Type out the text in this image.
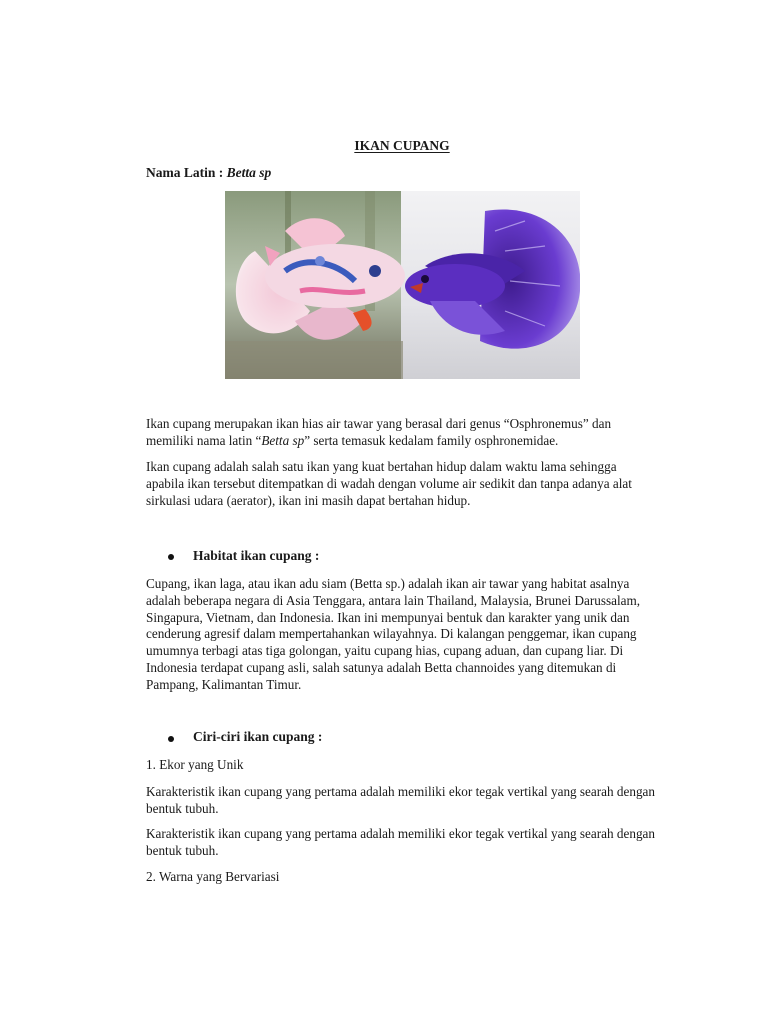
IKAN CUPANG
Nama Latin : Betta sp

Ikan cupang merupakan ikan hias air tawar yang berasal dari genus “Osphronemus” dan memiliki nama latin “Betta sp” serta temasuk kedalam family osphronemidae.

Ikan cupang adalah salah satu ikan yang kuat bertahan hidup dalam waktu lama sehingga apabila ikan tersebut ditempatkan di wadah dengan volume air sedikit dan tanpa adanya alat sirkulasi udara (aerator), ikan ini masih dapat bertahan hidup.

Habitat ikan cupang :

Cupang, ikan laga, atau ikan adu siam (Betta sp.) adalah ikan air tawar yang habitat asalnya adalah beberapa negara di Asia Tenggara, antara lain Thailand, Malaysia, Brunei Darussalam, Singapura, Vietnam, dan Indonesia. Ikan ini mempunyai bentuk dan karakter yang unik dan cenderung agresif dalam mempertahankan wilayahnya. Di kalangan penggemar, ikan cupang umumnya terbagi atas tiga golongan, yaitu cupang hias, cupang aduan, dan cupang liar. Di Indonesia terdapat cupang asli, salah satunya adalah Betta channoides yang ditemukan di Pampang, Kalimantan Timur.

Ciri-ciri ikan cupang :

1. Ekor yang Unik

Karakteristik ikan cupang yang pertama adalah memiliki ekor tegak vertikal yang searah dengan bentuk tubuh.

Karakteristik ikan cupang yang pertama adalah memiliki ekor tegak vertikal yang searah dengan bentuk tubuh.

2. Warna yang Bervariasi
